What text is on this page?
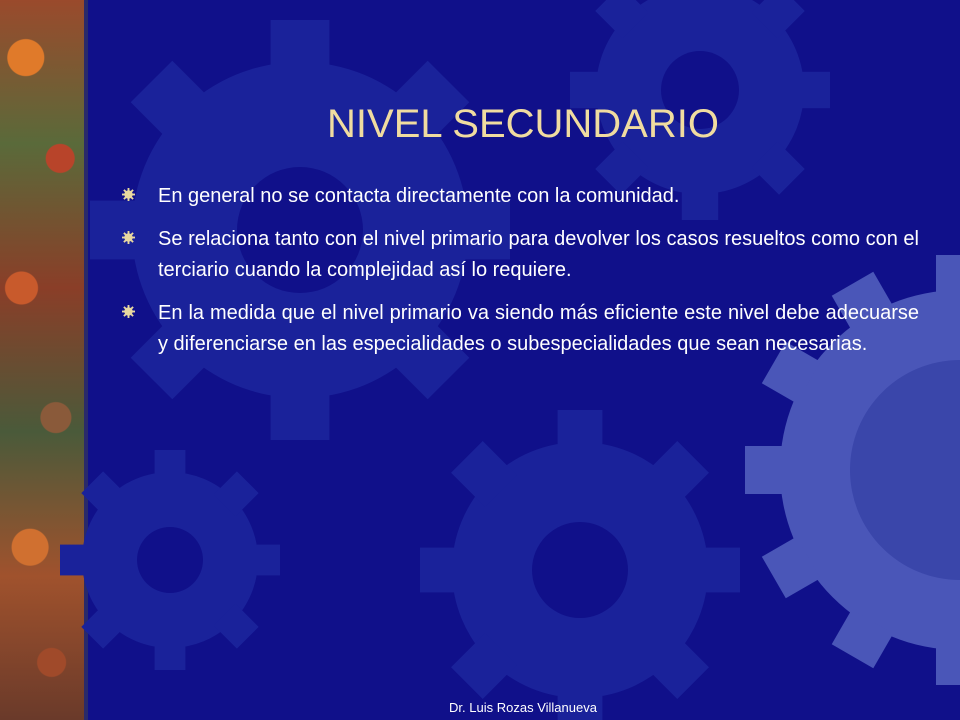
NIVEL SECUNDARIO
En general no se contacta directamente con la comunidad.
Se relaciona tanto con el nivel primario para devolver los casos resueltos como con el terciario cuando la complejidad así lo requiere.
En la medida que el nivel primario va siendo más eficiente este nivel debe adecuarse y diferenciarse en las especialidades o subespecialidades que sean necesarias.
Dr. Luis Rozas Villanueva
